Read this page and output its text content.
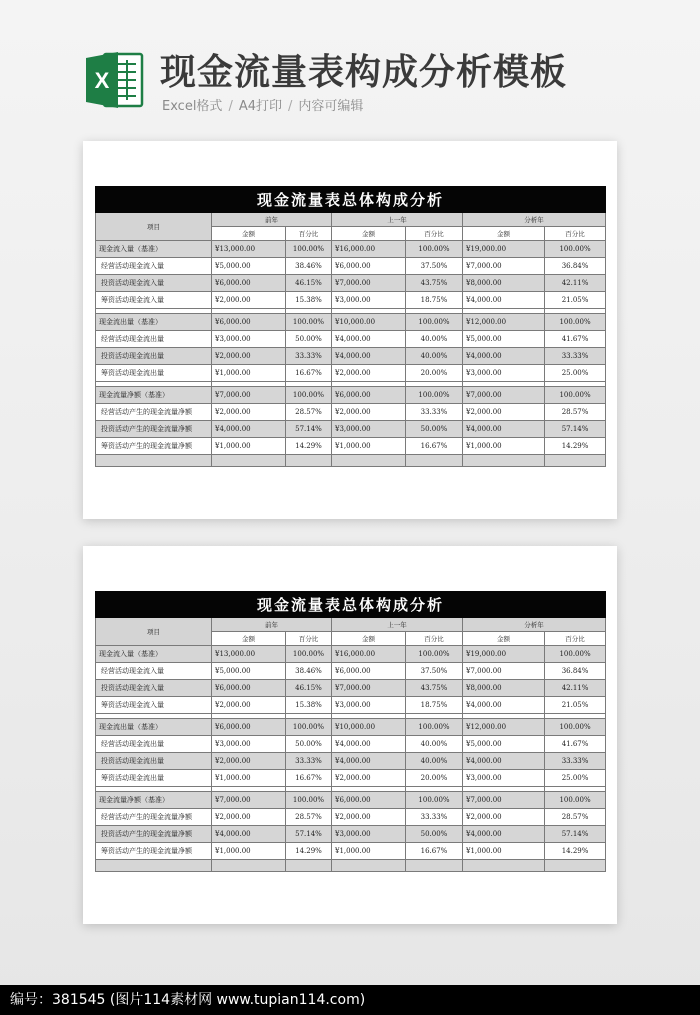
X 现金流量表构成分析模板
Excel格式 / A4打印 / 内容可编辑
现金流量表总体构成分析						
项目	前年		上一年		分析年	
	金额	百分比	金额	百分比	金额	百分比
现金流入量（基准）	¥13,000.00	100.00%	¥16,000.00	100.00%	¥19,000.00	100.00%
经营活动现金流入量	¥5,000.00	38.46%	¥6,000.00	37.50%	¥7,000.00	36.84%
投资活动现金流入量	¥6,000.00	46.15%	¥7,000.00	43.75%	¥8,000.00	42.11%
筹资活动现金流入量	¥2,000.00	15.38%	¥3,000.00	18.75%	¥4,000.00	21.05%

现金流出量（基准）	¥6,000.00	100.00%	¥10,000.00	100.00%	¥12,000.00	100.00%
经营活动现金流出量	¥3,000.00	50.00%	¥4,000.00	40.00%	¥5,000.00	41.67%
投资活动现金流出量	¥2,000.00	33.33%	¥4,000.00	40.00%	¥4,000.00	33.33%
筹资活动现金流出量	¥1,000.00	16.67%	¥2,000.00	20.00%	¥3,000.00	25.00%

现金流量净额（基准）	¥7,000.00	100.00%	¥6,000.00	100.00%	¥7,000.00	100.00%
经营活动产生的现金流量净额	¥2,000.00	28.57%	¥2,000.00	33.33%	¥2,000.00	28.57%
投资活动产生的现金流量净额	¥4,000.00	57.14%	¥3,000.00	50.00%	¥4,000.00	57.14%
筹资活动产生的现金流量净额	¥1,000.00	14.29%	¥1,000.00	16.67%	¥1,000.00	14.29%

现金流量表总体构成分析						
项目	前年		上一年		分析年	
	金额	百分比	金额	百分比	金额	百分比
现金流入量（基准）	¥13,000.00	100.00%	¥16,000.00	100.00%	¥19,000.00	100.00%
经营活动现金流入量	¥5,000.00	38.46%	¥6,000.00	37.50%	¥7,000.00	36.84%
投资活动现金流入量	¥6,000.00	46.15%	¥7,000.00	43.75%	¥8,000.00	42.11%
筹资活动现金流入量	¥2,000.00	15.38%	¥3,000.00	18.75%	¥4,000.00	21.05%

现金流出量（基准）	¥6,000.00	100.00%	¥10,000.00	100.00%	¥12,000.00	100.00%
经营活动现金流出量	¥3,000.00	50.00%	¥4,000.00	40.00%	¥5,000.00	41.67%
投资活动现金流出量	¥2,000.00	33.33%	¥4,000.00	40.00%	¥4,000.00	33.33%
筹资活动现金流出量	¥1,000.00	16.67%	¥2,000.00	20.00%	¥3,000.00	25.00%

现金流量净额（基准）	¥7,000.00	100.00%	¥6,000.00	100.00%	¥7,000.00	100.00%
经营活动产生的现金流量净额	¥2,000.00	28.57%	¥2,000.00	33.33%	¥2,000.00	28.57%
投资活动产生的现金流量净额	¥4,000.00	57.14%	¥3,000.00	50.00%	¥4,000.00	57.14%
筹资活动产生的现金流量净额	¥1,000.00	14.29%	¥1,000.00	16.67%	¥1,000.00	14.29%

编号：381545 (图片114素材网 www.tupian114.com)
